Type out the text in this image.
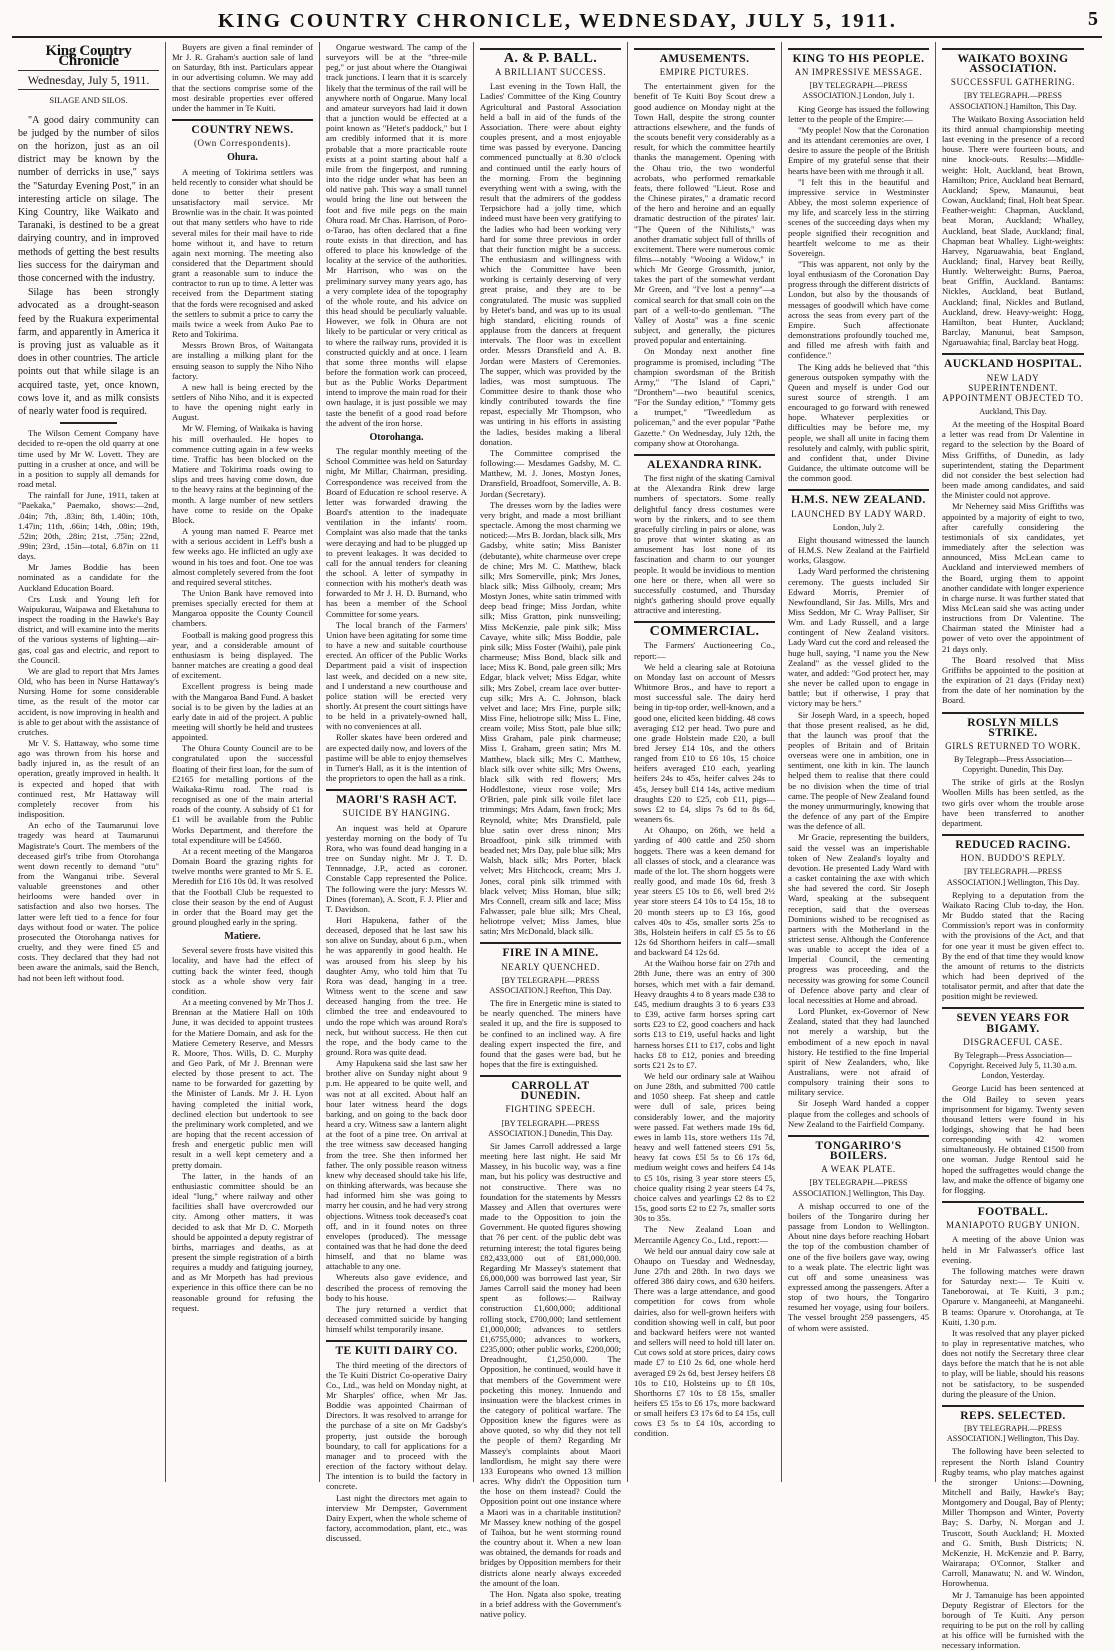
KING COUNTRY CHRONICLE, WEDNESDAY, JULY 5, 1911.	5
King Country Chronicle
Wednesday, July 5, 1911.
SILAGE AND SILOS.

"A good dairy community can be judged by the number of silos on the horizon, just as an oil district may be known by the number of derricks in use," says the "Saturday Evening Post," in an interesting article on silage. The King Country, like Waikato and Taranaki, is destined to be a great dairying country, and in improved methods of getting the best results lies success for the dairyman and those concerned with the industry.

Silage has been strongly advocated as a drought-season feed by the Ruakura experimental farm, and apparently in America it is proving just as valuable as it does in other countries. The article points out that while silage is an acquired taste, yet, once known, cows love it, and as milk consists of nearly water food is required.

The Wilson Cement Company have decided to re-open the old quarry at one time used by Mr W. Lovett. They are putting in a crusher at once, and will be in a position to supply all demands for road metal.

The rainfall for June, 1911, taken at "Paekaka," Paemako, shows:—2nd, .04in; 7th, .83in; 8th, 1.40in; 10th, 1.47in; 11th, .66in; 14th, .08in; 19th, .52in; 20th, .28in; 21st, .75in; 22nd, .99in; 23rd, .15in—total, 6.87in on 11 days.

Mr James Boddie has been nominated as a candidate for the Auckland Education Board.

Crs Lusk and Young left for Waipukurau, Waipawa and Eketahuna to inspect the roading in the Hawke's Bay district, and will examine into the merits of the various systems of lighting—air-gas, coal gas and electric, and report to the Council.

We are glad to report that Mrs James Old, who has been in Nurse Hattaway's Nursing Home for some considerable time, as the result of the motor car accident, is now improving in health and is able to get about with the assistance of crutches.

Mr V. S. Hattaway, who some time ago was thrown from his horse and badly injured in, as the result of an operation, greatly improved in health. It is expected and hoped that with continued rest, Mr Hattaway will completely recover from his indisposition.

An echo of the Taumarunui love tragedy was heard at Taumarunui Magistrate's Court. The members of the deceased girl's tribe from Otorohanga went down recently to demand "utu" from the Wanganui tribe. Several valuable greenstones and other heirlooms were handed over in satisfaction and also two horses. The latter were left tied to a fence for four days without food or water. The police prosecuted the Otorohanga natives for cruelty, and they were fined £5 and costs. They declared that they had not been aware the animals, said the Bench, had not been left without food.

Buyers are given a final reminder of Mr J. R. Graham's auction sale of land on Saturday, 8th inst. Particulars appear in our advertising column. We may add that the sections comprise some of the most desirable properties ever offered under the hammer in Te Kuiti.

COUNTRY NEWS.
(Own Correspondents).
Ohura.

A meeting of Tokirima settlers was held recently to consider what should be done to better their present unsatisfactory mail service. Mr Brownlie was in the chair. It was pointed out that many settlers who have to ride several miles for their mail have to ride home without it, and have to return again next morning. The meeting also considered that the Department should grant a reasonable sum to induce the contractor to run up to time. A letter was received from the Department stating that the fords were recognised and asked the settlers to submit a price to carry the mails twice a week from Auko Pae to Reto and Tokirima.

Messrs Brown Bros, of Waitangata are installing a milking plant for the ensuing season to supply the Niho Niho factory.

A new hall is being erected by the settlers of Niho Niho, and it is expected to have the opening night early in August.

Mr W. Fleming, of Waikaka is having his mill overhauled. He hopes to commence cutting again in a few weeks time. Traffic has been blocked on the Matiere and Tokirima roads owing to slips and trees having come down, due to the heavy rains at the beginning of the month. A large number of new settlers have come to reside on the Opake Block.

A young man named F. Pearce met with a serious accident in Leff's bush a few weeks ago. He inflicted an ugly axe wound in his toes and foot. One toe was almost completely severed from the foot and required several stitches.

The Union Bank have removed into premises specially erected for them at Mangaroa opposite the County Council chambers.

Football is making good progress this year, and a considerable amount of enthusiasm is being displayed. The banner matches are creating a good deal of excitement.

Excellent progress is being made with the Mangaroa Band Fund. A basket social is to be given by the ladies at an early date in aid of the project. A public meeting will shortly be held and trustees appointed.

The Ohura County Council are to be congratulated upon the successful floating of their first loan, for the sum of £2165 for metalling portions of the Waikaka-Rimu road. The road is recognised as one of the main arterial roads of the county. A subsidy of £1 for £1 will be available from the Public Works Department, and therefore the total expenditure will be £4560.

At a recent meeting of the Mangaroa Domain Board the grazing rights for twelve months were granted to Mr S. E. Meredith for £16 10s 0d. It was resolved that the Football Club be requested to close their season by the end of August in order that the Board may get the ground ploughed early in the spring.

Matiere.

Several severe frosts have visited this locality, and have had the effect of cutting back the winter feed, though stock as a whole show very fair condition.

At a meeting convened by Mr Thos J. Brennan at the Matiere Hall on 10th June, it was decided to appoint trustees for the Matiere Domain, and ask for the Matiere Cemetery Reserve, and Messrs R. Moore, Thos. Wills, D. C. Murphy and Geo Park, of Mr J. Brennan were elected by those present to act. The name to be forwarded for gazetting by the Minister of Lands. Mr J. H. Lyon having completed the initial work, declined election but undertook to see the preliminary work completed, and we are hoping that the recent accession of fresh and energetic public men will result in a well kept cemetery and a pretty domain.

The latter, in the hands of an enthusiastic committee should be an ideal "lung," where railway and other facilities shall have overcrowded our city. Among other matters, it was decided to ask that Mr D. C. Morpeth should be appointed a deputy registrar of births, marriages and deaths, as at present the simple registration of a birth requires a muddy and fatiguing journey, and as Mr Morpeth has had previous experience in this office there can be no reasonable ground for refusing the request.

Ongarue westward. The camp of the surveyors will be at the "three-mile peg," or just about where the Otangiwai track junctions. I learn that it is scarcely likely that the terminus of the rail will be anywhere north of Ongarue. Many local and amateur surveyors had laid it down that a junction would be effected at a point known as "Hetet's paddock," but I am credibly informed that it is more probable that a more practicable route exists at a point starting about half a mile from the fingerpost, and running into the ridge under what has been an old native pah. This way a small tunnel would bring the line out between the foot and five mile pegs on the main Ohura road. Mr Chas. Harrison, of Poro-o-Tarao, has often declared that a fine route exists in that direction, and has offered to place his knowledge of the locality at the service of the authorities. Mr Harrison, who was on the preliminary survey many years ago, has a very complete idea of the topography of the whole route, and his advice on this head should be peculiarly valuable. However, we folk in Ohura are not likely to be particular or very critical as to where the railway runs, provided it is constructed quickly and at once. I learn that some three months will elapse before the formation work can proceed, but as the Public Works Department intend to improve the main road for their own haulage, it is just possible we may taste the benefit of a good road before the advent of the iron horse.

Otorohanga.

The regular monthly meeting of the School Committee was held on Saturday night, Mr Millar, Chairman, presiding. Correspondence was received from the Board of Education re school reserve. A letter was forwarded drawing the Board's attention to the inadequate ventilation in the infants' room. Complaint was also made that the tanks were decaying and had to be plugged up to prevent leakages. It was decided to call for the annual tenders for cleaning the school. A letter of sympathy in connection with his mother's death was forwarded to Mr J. H. D. Burnand, who has been a member of the School Committee for some years.

The local branch of the Farmers' Union have been agitating for some time to have a new and suitable courthouse erected. An officer of the Public Works Department paid a visit of inspection last week, and decided on a new site, and I understand a new courthouse and police station will be erected very shortly. At present the court sittings have to be held in a privately-owned hall, with no conveniences at all.

Roller skates have been ordered and are expected daily now, and lovers of the pastime will be able to enjoy themselves in Turner's Hall, as it is the intention of the proprietors to open the hall as a rink.

MAORI'S RASH ACT.
SUICIDE BY HANGING.

An inquest was held at Oparure yesterday morning on the body of Tu Rora, who was found dead hanging in a tree on Sunday night. Mr J. T. D. Tennnadge, J.P., acted as coroner. Constable Capp represented the Police. The following were the jury: Messrs W. Dines (foreman), A. Scott, F. J. Plier and T. Davidson.

Hori Hapukena, father of the deceased, deposed that he last saw his son alive on Sunday, about 6 p.m., when he was apparently in good health. He was aroused from his sleep by his daughter Amy, who told him that Tu Rora was dead, hanging in a tree. Witness went to the scene and saw deceased hanging from the tree. He climbed the tree and endeavoured to undo the rope which was around Rora's neck, but without success. He then cut the rope, and the body came to the ground. Rora was quite dead.

Amy Hapukena said she last saw her brother alive on Sunday night about 9 p.m. He appeared to be quite well, and was not at all excited. About half an hour later witness heard the dogs barking, and on going to the back door heard a cry. Witness saw a lantern alight at the foot of a pine tree. On arrival at the tree witness saw deceased hanging from the tree. She then informed her father. The only possible reason witness knew why deceased should take his life, on thinking afterwards, was because she had informed him she was going to marry her cousin, and he had very strong objections. Witness took deceased's coat off, and in it found notes on three envelopes (produced). The message contained was that he had done the deed himself, and that no blame was attachable to any one.

Whereuts also gave evidence, and described the process of removing the body to his house.

The jury returned a verdict that deceased committed suicide by hanging himself whilst temporarily insane.

TE KUITI DAIRY CO.

The third meeting of the directors of the Te Kuiti District Co-operative Dairy Co., Ltd., was held on Monday night, at Mr Sharples' office, when Mr Jas. Boddie was appointed Chairman of Directors. It was resolved to arrange for the purchase of a site on Mr Gadsby's property, just outside the borough boundary, to call for applications for a manager and to proceed with the erection of the factory without delay. The intention is to build the factory in concrete.

Last night the directors met again to interview Mr Dempster, Government Dairy Expert, when the whole scheme of factory, accommodation, plant, etc., was discussed.

A. & P. BALL.
A BRILLIANT SUCCESS.

Last evening in the Town Hall, the Ladies' Committee of the King Country Agricultural and Pastoral Association held a ball in aid of the funds of the Association. There were about eighty couples present, and a most enjoyable time was passed by everyone. Dancing commenced punctually at 8.30 o'clock and continued until the early hours of the morning. From the beginning everything went with a swing, with the result that the admirers of the goddess Terpsichore had a jolly time, which indeed must have been very gratifying to the ladies who had been working very hard for some three previous in order that their function might be a success. The enthusiasm and willingness with which the Committee have been working is certainly deserving of very great praise, and they are to be congratulated. The music was supplied by Hetet's band, and was up to its usual high standard, eliciting rounds of applause from the dancers at frequent intervals. The floor was in excellent order. Messrs Dransfield and A. B. Jordan were Masters of Ceremonies. The supper, which was provided by the ladies, was most sumptuous. The Committee desire to thank those who kindly contributed towards the fine repast, especially Mr Thompson, who was untiring in his efforts in assisting the ladies, besides making a liberal donation.

The Committee comprised the following:— Mesdames Gadsby, M. C. Matthew, M. J. Jones, Mostyn Jones, Dransfield, Broadfoot, Somerville, A. B. Jordan (Secretary).

The dresses worn by the ladies were very bright, and made a most brilliant spectacle. Among the most charming we noticed:—Mrs B. Jordan, black silk, Mrs Gadsby, white satin; Miss Banister (debutante), white charmeuse over crepe de chine; Mrs M. C. Matthew, black silk; Mrs Somerville, pink; Mrs Jones, black silk; Miss Gilhooly, cream; Mrs Mostyn Jones, white satin trimmed with deep bead fringe; Miss Jordan, white silk; Miss Gratton, pink nunsveiling; Miss McKenzie, pale pink silk; Miss Cavaye, white silk; Miss Boddie, pale pink silk; Miss Foster (Waihi), pale pink charmeuse; Miss Bond, black silk and lace; Miss K. Bond, pale green silk; Mrs Edgar, black velvet; Miss Edgar, white silk; Mrs Zobel, cream lace over butter-cup silk; Mrs A. C. Johnson, black velvet and lace; Mrs Fine, purple silk; Miss Fine, heliotrope silk; Miss L. Fine, cream voile; Miss Stott, pale blue silk; Miss Graham, pale pink charmeuse; Miss I. Graham, green satin; Mrs M. Matthew, black silk; Mrs C. Matthew, black silk over white silk; Mrs Owens, black silk with red flowers; Mrs Hoddlestone, vieux rose voile; Mrs O'Brien, pale pink silk voile filet lace trimmings; Mrs Adam, fawn frock; Mrs Reynold, white; Mrs Dransfield, pale blue satin over dress ninon; Mrs Broadfoot, pink silk trimmed with beaded net; Mrs Day, pale blue silk; Mrs Walsh, black silk; Mrs Porter, black velvet; Mrs Hitchcock, cream; Mrs J. Jones, coral pink silk trimmed with black velvet; Miss Homan, blue silk; Mrs Connell, cream silk and lace; Miss Falwasser, pale blue silk; Mrs Cheal, heliotrope velvet; Miss James, blue satin; Mrs McDonald, black silk.

FIRE IN A MINE.
NEARLY QUENCHED.
[BY TELEGRAPH.—PRESS ASSOCIATION.] Reefton, This Day.

The fire in Energetic mine is stated to be nearly quenched. The miners have sealed it up, and the fire is supposed to be confined to an inclined way. A fire dealing expert inspected the fire, and found that the gases were bad, but he hopes that the fire is extinguished.

CARROLL AT DUNEDIN.
FIGHTING SPEECH.
[BY TELEGRAPH.—PRESS ASSOCIATION.] Dunedin, This Day.

Sir James Carroll addressed a large meeting here last night. He said Mr Massey, in his bucolic way, was a fine man, but his policy was destructive and not constructive. There was no foundation for the statements by Messrs Massey and Allen that overtures were made to the Opposition to join the Government. He quoted figures showing that 76 per cent. of the public debt was returning interest; the total figures being £82,433,000 out of £81,000,000. Regarding Mr Massey's statement that £6,000,000 was borrowed last year, Sir James Carroll said the money had been spent as follows:— Railway construction £1,600,000; additional rolling stock, £700,000; land settlement £1,000,000; advances to settlers £1,6755,000; advances to workers, £235,000; other public works, £200,000; Dreadnought, £1,250,000. The Opposition, he continued, would have it that members of the Government were pocketing this money. Innuendo and insinuation were the blackest crimes in the category of political warfare. The Opposition knew the figures were as above quoted, so why did they not tell the people of them? Regarding Mr Massey's complaints about Maori landlordism, he might say there were 133 Europeans who owned 13 million acres. Why didn't the Opposition turn the hose on them instead? Could the Opposition point out one instance where a Maori was in a charitable institution? Mr Massey knew nothing of the gospel of Taihoa, but he went storming round the country about it. When a new loan was obtained, the demands for roads and bridges by Opposition members for their districts alone nearly always exceeded the amount of the loan.

The Hon. Ngata also spoke, treating in a brief address with the Government's native policy.

AMUSEMENTS.
EMPIRE PICTURES.

The entertainment given for the benefit of Te Kuiti Boy Scout drew a good audience on Monday night at the Town Hall, despite the strong counter attractions elsewhere, and the funds of the scouts benefit very considerably as a result, for which the committee heartily thanks the management. Opening with the Ohau trio, the two wonderful acrobats, who performed remarkable feats, there followed "Lieut. Rose and the Chinese pirates," a dramatic record of the hero and heroine and an equally dramatic destruction of the pirates' lair. "The Queen of the Nihilists," was another dramatic subject full of thrills of excitement. There were numerous comic films—notably "Wooing a Widow," in which Mr George Grossmith, junior, takes the part of the somewhat verdant Mr Green, and "I've lost a penny"—a comical search for that small coin on the part of a well-to-do gentleman. "The Valley of Aosta" was a fine scenic subject, and generally, the pictures proved popular and entertaining.

On Monday next another fine programme is promised, including "The champion swordsman of the British Army," "The Island of Capri," "Dronthem"—two beautiful scenics, "For the Sunday edition," "Tommy gets a trumpet," "Tweedledum as policeman," and the ever popular "Pathe Gazette." On Wednesday, July 12th, the company show at Otorohanga.

ALEXANDRA RINK.

The first night of the skating Carnival at the Alexandra Rink drew large numbers of spectators. Some really delightful fancy dress costumes were worn by the rinkers, and to see them gracefully circling in pairs or alone, was to prove that winter skating as an amusement has lost none of its fascination and charm to our younger people. It would be invidious to mention one here or there, when all were so successfully costumed, and Thursday night's gathering should prove equally attractive and interesting.

COMMERCIAL.

The Farmers' Auctioneering Co., report:—

We held a clearing sale at Rotoiuna on Monday last on account of Messrs Whitmore Bros., and have to report a most successful sale. The dairy herd being in tip-top order, well-known, and a good one, elicited keen bidding. 48 cows averaging £12 per head. Two pure and one grade Holstein made £20, a bull bred Jersey £14 10s, and the others ranged from £10 to £6 10s, 15 choice heifers averaged £10 each, yearling heifers 24s to 45s, heifer calves 24s to 45s, Jersey bull £14 14s, active medium draughts £20 to £25, cob £11, pigs—sows £2 to £4, slips 7s 6d to 8s 6d, weaners 6s.

At Ohaupo, on 26th, we held a yarding of 400 cattle and 250 shorn hoggets. There was a keen demand for all classes of stock, and a clearance was made of the lot. The shorn hoggets were really good, and made 10s 6d, fresh 3 year steers £5 10s to £6, well bred 2½ year store steers £4 10s to £4 15s, 18 to 20 month steers up to £3 16s, good calves 40s to 45s, smaller sorts 25s to 38s, Holstein heifers in calf £5 5s to £6 12s 6d Shorthorn heifers in calf—small and backward £4 12s 6d.

At the Waihou horse fair on 27th and 28th June, there was an entry of 300 horses, which met with a fair demand. Heavy draughts 4 to 8 years made £38 to £45, medium draughts 3 to 6 years £33 to £39, active farm horses spring cart sorts £23 to £2, good coachers and hack sorts £13 to £19, useful hacks and light harness horses £11 to £17, cobs and light hacks £8 to £12, ponies and breeding sorts £21 2s to £7.

We held our ordinary sale at Waihou on June 28th, and submitted 700 cattle and 1050 sheep. Fat sheep and cattle were dull of sale, prices being considerably lower, and the majority were passed. Fat wethers made 19s 6d, ewes in lamb 11s, store wethers 11s 7d, heavy and well fattened steers £91 5s, heavy fat cows £5l 5s to £6 17s 6d, medium weight cows and heifers £4 14s to £5 10s, rising 3 year store steers £5, choice quality rising 2 year steers £4 7s, choice calves and yearlings £2 8s to £2 15s, good sorts £2 to £2 7s, smaller sorts 30s to 35s.

The New Zealand Loan and Mercantile Agency Co., Ltd., report:—

We held our annual dairy cow sale at Ohaupo on Tuesday and Wednesday, June 27th and 28th. In two days we offered 386 dairy cows, and 630 heifers. There was a large attendance, and good competition for cows from whole dairies, also for well-grown heifers with condition showing well in calf, but poor and backward heifers were not wanted and sellers will need to hold till later on. Cut cows sold at store prices, dairy cows made £7 to £10 2s 6d, one whole herd averaged £9 2s 6d, best Jersey heifers £8 10s to £10, Holsteins up to £8 10s, Shorthorns £7 10s to £8 15s, smaller heifers £5 15s to £6 17s, more backward or small heifers £3 17s 6d to £4 15s, cull cows £3 5s to £4 10s, according to condition.

KING TO HIS PEOPLE.
AN IMPRESSIVE MESSAGE.
[BY TELEGRAPH.—PRESS ASSOCIATION.] London, July 1.

King George has issued the following letter to the people of the Empire:—

"My people! Now that the Coronation and its attendant ceremonies are over, I desire to assure the people of the British Empire of my grateful sense that their hearts have been with me through it all.

"I felt this in the beautiful and impressive service in Westminster Abbey, the most solemn experience of my life, and scarcely less in the stirring scenes of the succeeding days when my people signified their recognition and heartfelt welcome to me as their Sovereign.

"This was apparent, not only by the loyal enthusiasm of the Coronation Day progress through the different districts of London, but also by the thousands of messages of goodwill which have come across the seas from every part of the Empire. Such affectionate demonstrations profoundly touched me, and filled me afresh with faith and confidence."

The King adds he believed that "this generous outspoken sympathy with the Queen and myself is under God our surest source of strength. I am encouraged to go forward with renewed hope. Whatever perplexities or difficulties may be before me, my people, we shall all unite in facing them resolutely and calmly, with public spirit, and confident that, under Divine Guidance, the ultimate outcome will be the common good.

H.M.S. NEW ZEALAND.
LAUNCHED BY LADY WARD.
London, July 2.

Eight thousand witnessed the launch of H.M.S. New Zealand at the Fairfield works, Glasgow.

Lady Ward performed the christening ceremony. The guests included Sir Edward Morris, Premier of Newfoundland, Sir Jas. Mills, Mrs and Miss Seddon, Mr C. Wray Palliser, Sir Wm. and Lady Russell, and a large contingent of New Zealand visitors. Lady Ward cut the cord and released the huge hull, saying, "I name you the New Zealand" as the vessel glided to the water, and added: "God protect her, may she never be called upon to engage in battle; but if otherwise, I pray that victory may be hers."

Sir Joseph Ward, in a speech, hoped that those present realised, as he did, that the launch was proof that the peoples of Britain and of Britain overseas were one in ambition, one in sentiment, one kith in kin. The launch helped them to realise that there could be no division when the time of trial came. The people of New Zealand found the money unmurmuringly, knowing that the defence of any part of the Empire was the defence of all.

Mr Gracie, representing the builders, said the vessel was an imperishable token of New Zealand's loyalty and devotion. He presented Lady Ward with a casket containing the axe with which she had severed the cord. Sir Joseph Ward, speaking at the subsequent reception, said that the overseas Dominions wished to be recognised as partners with the Motherland in the strictest sense. Although the Conference was unable to accept the idea of a Imperial Council, the cementing progress was proceeding, and the necessity was growing for some Council of Defence above party and clear of local necessities at Home and abroad.

Lord Plunket, ex-Governor of New Zealand, stated that they had launched not merely a warship, but the embodiment of a new epoch in naval history. He testified to the fine Imperial spirit of New Zealanders, who, like Australians, were not afraid of compulsory training their sons to military service.

Sir Joseph Ward handed a copper plaque from the colleges and schools of New Zealand to the Fairfield Company.

TONGARIRO'S BOILERS.
A WEAK PLATE.
[BY TELEGRAPH.—PRESS ASSOCIATION.] Wellington, This Day.

A mishap occurred to one of the boilers of the Tongariro during her passage from London to Wellington. About nine days before reaching Hobart the top of the combustion chamber of one of the five boilers gave way, owing to a weak plate. The electric light was cut off and some uneasiness was expressed among the passengers. After a stop of two hours, the Tongariro resumed her voyage, using four boilers. The vessel brought 259 passengers, 45 of whom were assisted.

WAIKATO BOXING ASSOCIATION.
SUCCESSFUL GATHERING.
[BY TELEGRAPH.—PRESS ASSOCIATION.] Hamilton, This Day.

The Waikato Boxing Association held its third annual championship meeting last evening in the presence of a record house. There were fourteen bouts, and nine knock-outs. Results:—Middle-weight: Holt, Auckland, beat Brown, Hamilton; Price, Auckland beat Bernard, Auckland; Spew, Manaunui, beat Cowan, Auckland; final, Holt beat Spear. Feather-weight: Chapman, Auckland, beat Moran, Auckland; Whalley, Auckland, beat Slade, Auckland; final, Chapman beat Whalley. Light-weights: Harvey, Ngaruawahia, beat England, Auckland; final, Harvey beat Reilly, Huntly. Welterweight: Burns, Paeroa, beat Griffin, Auckland. Bantams: Nickles, Auckland, beat Butland, Auckland; final, Nickles and Butland, Auckland, drew. Heavy-weight: Hogg, Hamilton, beat Hunter, Auckland; Barclay, Manunui, beat Sampson, Ngaruawahia; final, Barclay beat Hogg.

AUCKLAND HOSPITAL.
NEW LADY SUPERINTENDENT. APPOINTMENT OBJECTED TO.
Auckland, This Day.

At the meeting of the Hospital Board a letter was read from Dr Valentine in regard to the selection by the Board of Miss Griffiths, of Dunedin, as lady superintendent, stating the Department did not consider the best selection had been made among candidates, and said the Minister could not approve.

Mr Neherney said Miss Griffiths was appointed by a majority of eight to two, after carefully considering the testimonials of six candidates, yet immediately after the selection was announced, Miss McLean came to Auckland and interviewed members of the Board, urging them to appoint another candidate with longer experience in charge nurse. It was further stated that Miss McLean said she was acting under instructions from Dr Valentine. The Chairman stated the Minister had a power of veto over the appointment of 21 days only.

The Board resolved that Miss Griffiths be appointed to the position at the expiration of 21 days (Friday next) from the date of her nomination by the Board.

ROSLYN MILLS STRIKE.
GIRLS RETURNED TO WORK.
By Telegraph—Press Association—Copyright. Dunedin, This Day.

The strike of girls at the Roslyn Woollen Mills has been settled, as the two girls over whom the trouble arose have been transferred to another department.

REDUCED RACING.
HON. BUDDO'S REPLY.
[BY TELEGRAPH.—PRESS ASSOCIATION.] Wellington, This Day.

Replying to a deputation from the Waikato Racing Club to-day, the Hon. Mr Buddo stated that the Racing Commission's report was in conformity with the provisions of the Act, and that for one year it must be given effect to. By the end of that time they would know the amount of returns to the districts which had been deprived of the totalisator permit, and after that date the position might be reviewed.

SEVEN YEARS FOR BIGAMY.
DISGRACEFUL CASE.
By Telegraph—Press Association—Copyright. Received July 5, 11.30 a.m. London, Yesterday.

George Lucid has been sentenced at the Old Bailey to seven years imprisonment for bigamy. Twenty seven thousand letters were found in his lodgings, showing that he had been corresponding with 42 women simultaneously. He obtained £1500 from one woman. Judge Rentoul said he hoped the suffragettes would change the law, and make the offence of bigamy one for flogging.

FOOTBALL.
MANIAPOTO RUGBY UNION.

A meeting of the above Union was held in Mr Falwasser's office last evening.

The following matches were drawn for Saturday next:— Te Kuiti v. Taneborowai, at Te Kuiti, 3 p.m.; Oparure v. Manganeehi, at Manganeehi. B teams: Oparure v. Otorohanga, at Te Kuiti, 1.30 p.m.

It was resolved that any player picked to play in representative matches, who does not notify the Secretary three clear days before the match that he is not able to play, will be liable, should his reasons not be satisfactory, to be suspended during the pleasure of the Union.

REPS. SELECTED.
[BY TELEGRAPH.—PRESS ASSOCIATION.] Wellington, This Day.

The following have been selected to represent the North Island Country Rugby teams, who play matches against the stronger Unions:—Downing, Mitchell and Baily, Hawke's Bay; Montgomery and Dougal, Bay of Plenty; Miller Thompson and Winter, Poverty Bay; S. Darby, N. Morgan and J. Truscott, South Auckland; H. Moxted and G. Smith, Bush Districts; N. McKenzie, H. McKenzie and P. Barry, Wairarapa; O'Connor, Stalker and Carroll, Manawatu; N. and W. Windon, Horowhenua.

Mr J. Tamanuige has been appointed Deputy Registrar of Electors for the borough of Te Kuiti. Any person requiring to be put on the roll by calling at his office will be furnished with the necessary information.
